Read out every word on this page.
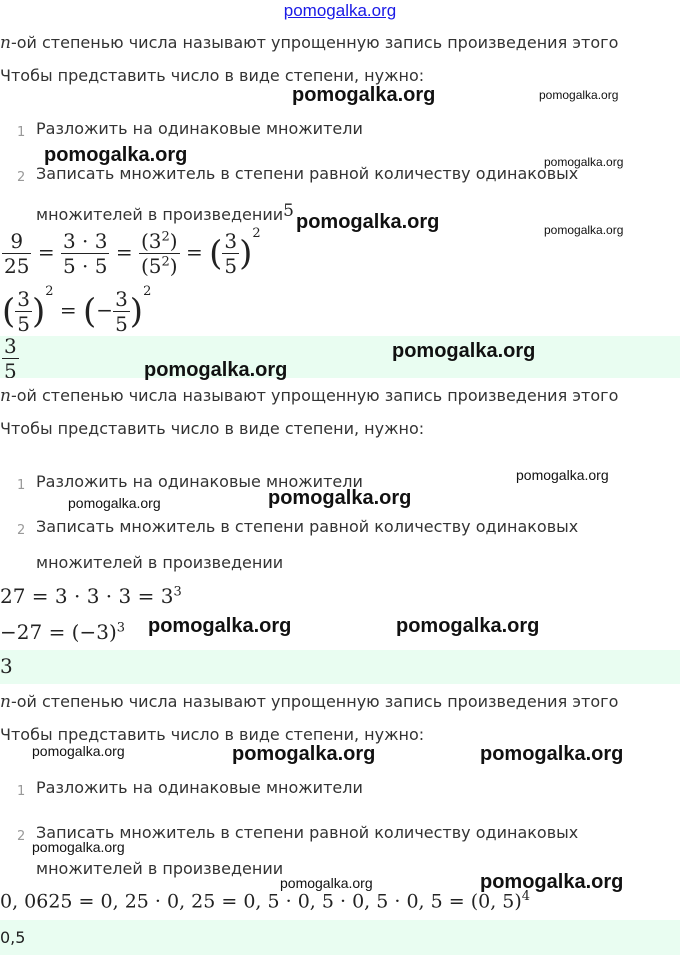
pomogalka.org
n-ой степенью числа называют упрощенную запись произведения этого
Чтобы представить число в виде степени, нужно:
1 Разложить на одинаковые множители
2 Записать множитель в степени равной количеству одинаковых
множителей в произведении5
$\frac{9}{25} = \frac{3 \cdot 3}{5 \cdot 5} = \frac{(3^2)}{(5^2)}$ = ( $\frac{3}{5} )^2$
( $\frac{3}{5} )^2$ = (− $\frac{3}{5} )^2$
$\frac{3}{5}$
n-ой степенью числа называют упрощенную запись произведения этого
Чтобы представить число в виде степени, нужно:
1 Разложить на одинаковые множители
2 Записать множитель в степени равной количеству одинаковых
множителей в произведении
$27 = 3 \cdot 3 \cdot 3 = 3^3$
$-27 = (-3)^3$
3
n-ой степенью числа называют упрощенную запись произведения этого
Чтобы представить число в виде степени, нужно:
1 Разложить на одинаковые множители
2 Записать множитель в степени равной количеству одинаковых
множителей в произведении
0, 0625 = 0, 25 · 0, 25 = 0, 5 · 0, 5 · 0, 5 · 0, 5 = (0, 5)$^4$
0,5
pomogalka.org	pomogalka.org
pomogalka.org	pomogalka.org
pomogalka.org	pomogalka.org
pomogalka.org
pomogalka.org
pomogalka.org
pomogalka.org
pomogalka.org
pomogalka.org	pomogalka.org
pomogalka.org	pomogalka.org	pomogalka.org
pomogalka.org
pomogalka.org	pomogalka.org
